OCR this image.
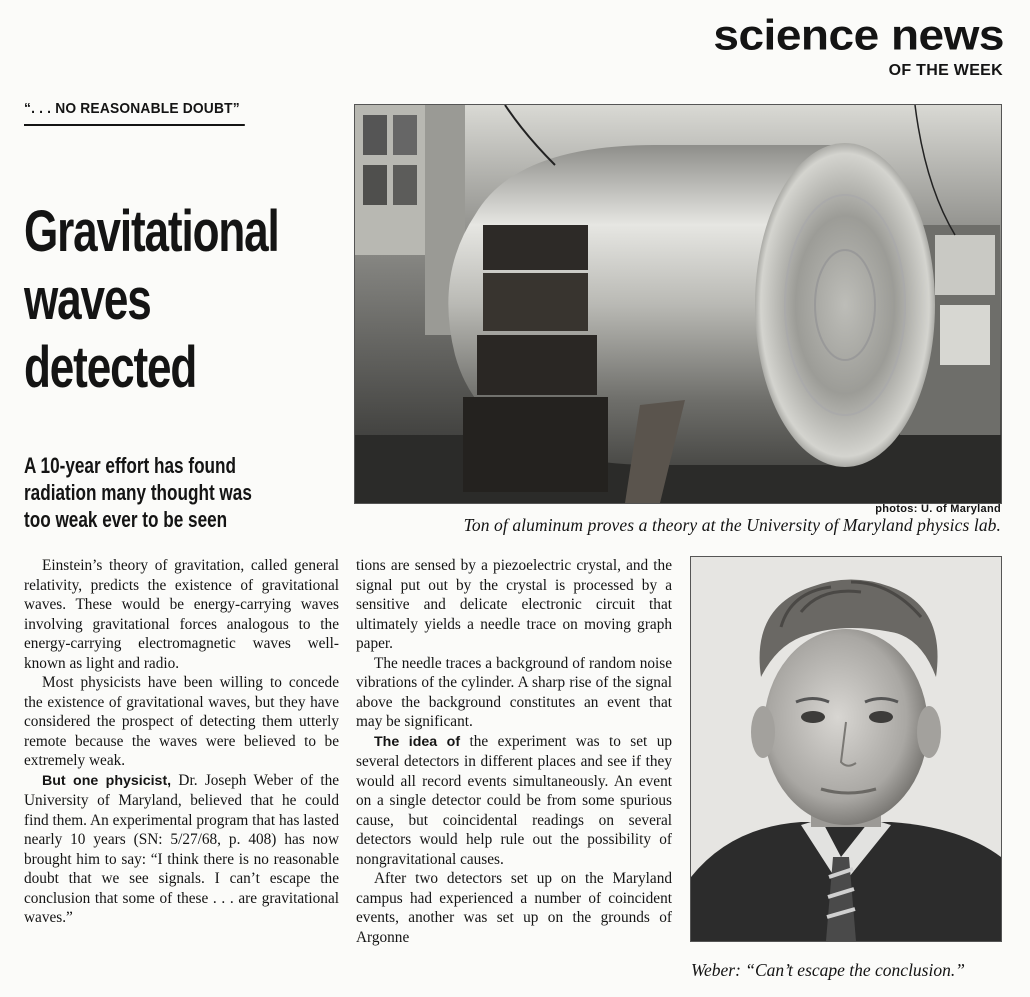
science news
OF THE WEEK
“. . . NO REASONABLE DOUBT”
Gravitational
waves
detected
A 10-year effort has found
radiation many thought was
too weak ever to be seen	photos: U. of Maryland
Ton of aluminum proves a theory at the University of Maryland physics lab.

Einstein’s theory of gravitation, called general relativity, predicts the existence of gravitational waves. These would be energy-carrying waves involving gravitational forces analogous to the energy-carrying electromagnetic waves well-known as light and radio.

Most physicists have been willing to concede the existence of gravitational waves, but they have considered the prospect of detecting them utterly remote because the waves were believed to be extremely weak.

But one physicist, Dr. Joseph Weber of the University of Maryland, believed that he could find them. An experimental program that has lasted nearly 10 years (SN: 5/27/68, p. 408) has now brought him to say: “I think there is no reasonable doubt that we see signals. I can’t escape the conclusion that some of these . . . are gravitational waves.”

tions are sensed by a piezoelectric crystal, and the signal put out by the crystal is processed by a sensitive and delicate electronic circuit that ultimately yields a needle trace on moving graph paper.

The needle traces a background of random noise vibrations of the cylinder. A sharp rise of the signal above the background constitutes an event that may be significant.

The idea of the experiment was to set up several detectors in different places and see if they would all record events simultaneously. An event on a single detector could be from some spurious cause, but coincidental readings on several detectors would help rule out the possibility of nongravitational causes.

After two detectors set up on the Maryland campus had experienced a number of coincident events, another was set up on the grounds of Argonne

Weber: “Can’t escape the conclusion.”
